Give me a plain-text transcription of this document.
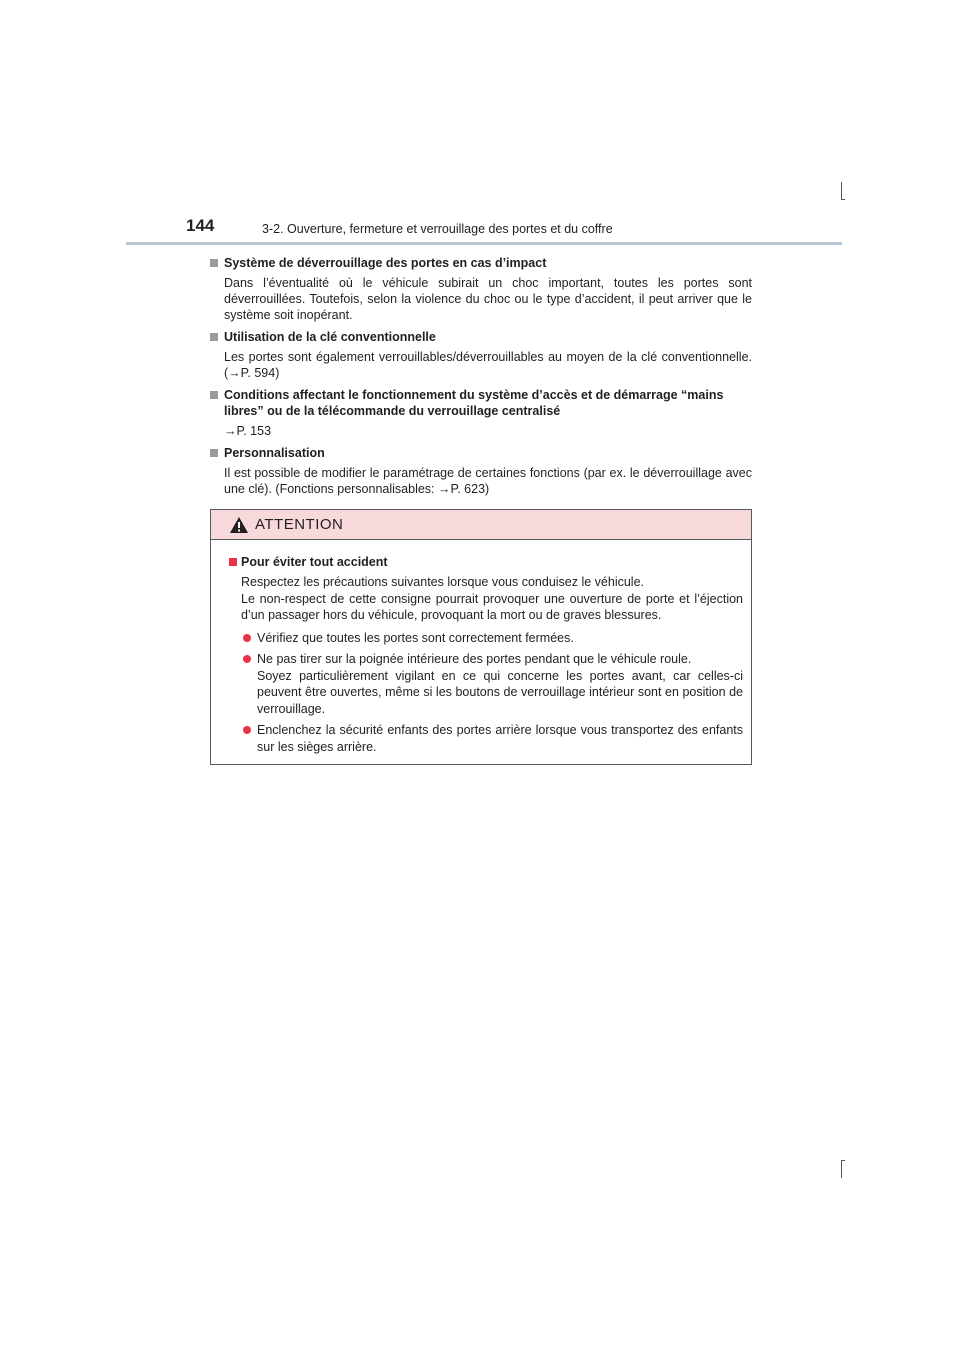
144	3-2. Ouverture, fermeture et verrouillage des portes et du coffre

Système de déverrouillage des portes en cas d’impact

Dans l’éventualité où le véhicule subirait un choc important, toutes les portes sont déverrouillées. Toutefois, selon la violence du choc ou le type d’accident, il peut arriver que le système soit inopérant.

Utilisation de la clé conventionnelle

Les portes sont également verrouillables/déverrouillables au moyen de la clé conventionnelle. (→P. 594)

Conditions affectant le fonctionnement du système d’accès et de démarrage “mains libres” ou de la télécommande du verrouillage centralisé

→P. 153

Personnalisation

Il est possible de modifier le paramétrage de certaines fonctions (par ex. le déverrouillage avec une clé). (Fonctions personnalisables: →P. 623)

ATTENTION

Pour éviter tout accident

Respectez les précautions suivantes lorsque vous conduisez le véhicule.

Le non-respect de cette consigne pourrait provoquer une ouverture de porte et l’éjection d’un passager hors du véhicule, provoquant la mort ou de graves blessures.

Vérifiez que toutes les portes sont correctement fermées.

Ne pas tirer sur la poignée intérieure des portes pendant que le véhicule roule.

Soyez particulièrement vigilant en ce qui concerne les portes avant, car celles-ci peuvent être ouvertes, même si les boutons de verrouillage intérieur sont en position de verrouillage.

Enclenchez la sécurité enfants des portes arrière lorsque vous transportez des enfants sur les sièges arrière.
